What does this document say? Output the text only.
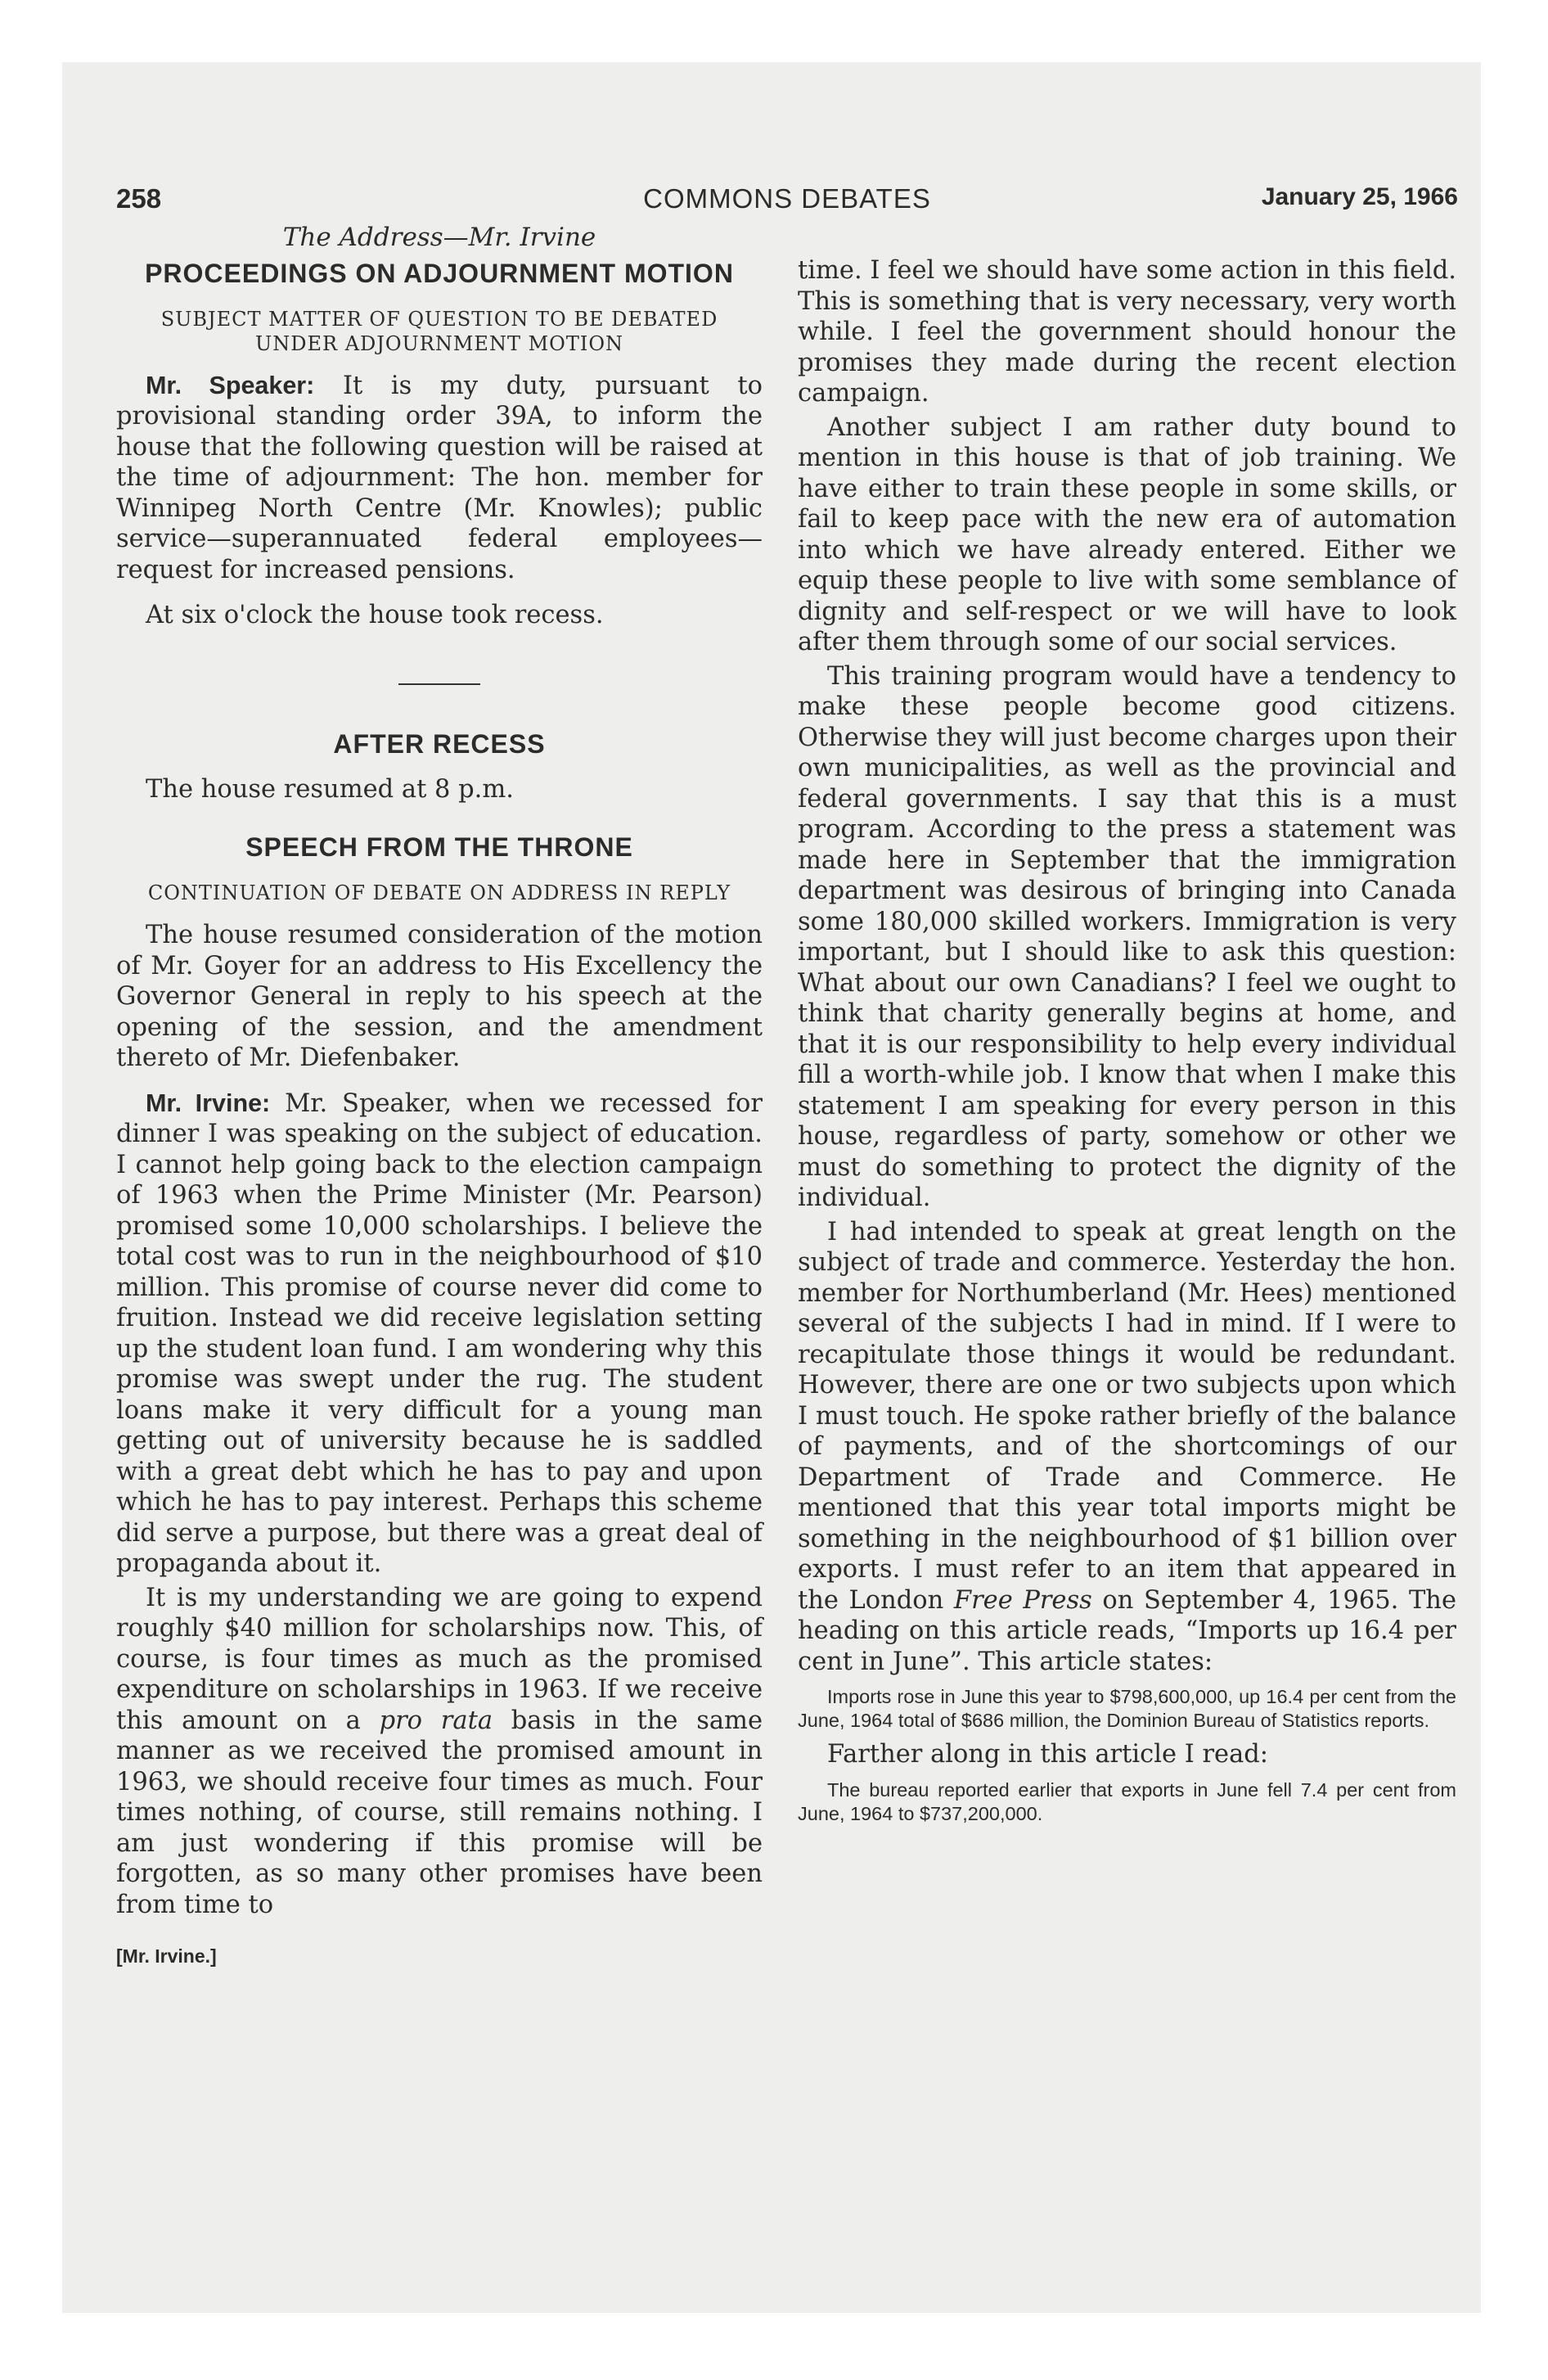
258	COMMONS DEBATES	January 25, 1966
The Address—Mr. Irvine
PROCEEDINGS ON ADJOURNMENT MOTION
SUBJECT MATTER OF QUESTION TO BE DEBATED UNDER ADJOURNMENT MOTION

Mr. Speaker: It is my duty, pursuant to provisional standing order 39A, to inform the house that the following question will be raised at the time of adjournment: The hon. member for Winnipeg North Centre (Mr. Knowles); public service—superannuated federal employees—request for increased pensions.

At six o'clock the house took recess.

AFTER RECESS

The house resumed at 8 p.m.

SPEECH FROM THE THRONE
CONTINUATION OF DEBATE ON ADDRESS IN REPLY

The house resumed consideration of the motion of Mr. Goyer for an address to His Excellency the Governor General in reply to his speech at the opening of the session, and the amendment thereto of Mr. Diefenbaker.

Mr. Irvine: Mr. Speaker, when we recessed for dinner I was speaking on the subject of education. I cannot help going back to the election campaign of 1963 when the Prime Minister (Mr. Pearson) promised some 10,000 scholarships. I believe the total cost was to run in the neighbourhood of $10 million. This promise of course never did come to fruition. Instead we did receive legislation setting up the student loan fund. I am wondering why this promise was swept under the rug. The student loans make it very difficult for a young man getting out of university because he is saddled with a great debt which he has to pay and upon which he has to pay interest. Perhaps this scheme did serve a purpose, but there was a great deal of propaganda about it.

It is my understanding we are going to expend roughly $40 million for scholarships now. This, of course, is four times as much as the promised expenditure on scholarships in 1963. If we receive this amount on a pro rata basis in the same manner as we received the promised amount in 1963, we should receive four times as much. Four times nothing, of course, still remains nothing. I am just wondering if this promise will be forgotten, as so many other promises have been from time to

[Mr. Irvine.]

time. I feel we should have some action in this field. This is something that is very necessary, very worth while. I feel the government should honour the promises they made during the recent election campaign.

Another subject I am rather duty bound to mention in this house is that of job training. We have either to train these people in some skills, or fail to keep pace with the new era of automation into which we have already entered. Either we equip these people to live with some semblance of dignity and self-respect or we will have to look after them through some of our social services.

This training program would have a tendency to make these people become good citizens. Otherwise they will just become charges upon their own municipalities, as well as the provincial and federal governments. I say that this is a must program. According to the press a statement was made here in September that the immigration department was desirous of bringing into Canada some 180,000 skilled workers. Immigration is very important, but I should like to ask this question: What about our own Canadians? I feel we ought to think that charity generally begins at home, and that it is our responsibility to help every individual fill a worth-while job. I know that when I make this statement I am speaking for every person in this house, regardless of party, somehow or other we must do something to protect the dignity of the individual.

I had intended to speak at great length on the subject of trade and commerce. Yesterday the hon. member for Northumberland (Mr. Hees) mentioned several of the subjects I had in mind. If I were to recapitulate those things it would be redundant. However, there are one or two subjects upon which I must touch. He spoke rather briefly of the balance of payments, and of the shortcomings of our Department of Trade and Commerce. He mentioned that this year total imports might be something in the neighbourhood of $1 billion over exports. I must refer to an item that appeared in the London Free Press on September 4, 1965. The heading on this article reads, “Imports up 16.4 per cent in June”. This article states:

Imports rose in June this year to $798,600,000, up 16.4 per cent from the June, 1964 total of $686 million, the Dominion Bureau of Statistics reports.

Farther along in this article I read:

The bureau reported earlier that exports in June fell 7.4 per cent from June, 1964 to $737,200,000.
